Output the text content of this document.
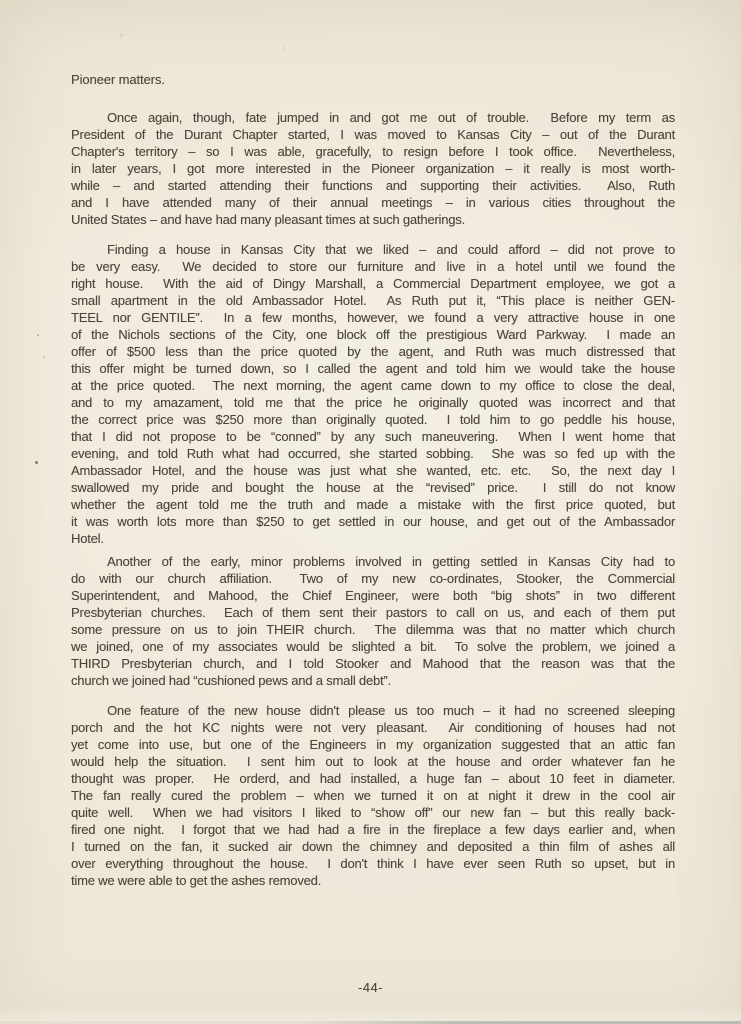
Pioneer matters.
Once again, though, fate jumped in and got me out of trouble.  Before my term as
President of the Durant Chapter started, I was moved to Kansas City – out of the Durant
Chapter's territory – so I was able, gracefully, to resign before I took office.  Nevertheless,
in later years, I got more interested in the Pioneer organization – it really is most worth-
while – and started attending their functions and supporting their activities.  Also, Ruth
and I have attended many of their annual meetings – in various cities throughout the
United States – and have had many pleasant times at such gatherings.
Finding a house in Kansas City that we liked – and could afford – did not prove to
be very easy.  We decided to store our furniture and live in a hotel until we found the
right house.  With the aid of Dingy Marshall, a Commercial Department employee, we got a
small apartment in the old Ambassador Hotel.  As Ruth put it, “This place is neither GEN-
TEEL nor GENTILE”.  In a few months, however, we found a very attractive house in one
of the Nichols sections of the City, one block off the prestigious Ward Parkway.  I made an
offer of $500 less than the price quoted by the agent, and Ruth was much distressed that
this offer might be turned down, so I called the agent and told him we would take the house
at the price quoted.  The next morning, the agent came down to my office to close the deal,
and to my amazament, told me that the price he originally quoted was incorrect and that
the correct price was $250 more than originally quoted.  I told him to go peddle his house,
that I did not propose to be “conned” by any such maneuvering.  When I went home that
evening, and told Ruth what had occurred, she started sobbing.  She was so fed up with the
Ambassador Hotel, and the house was just what she wanted, etc. etc.  So, the next day I
swallowed my pride and bought the house at the “revised” price.  I still do not know
whether the agent told me the truth and made a mistake with the first price quoted, but
it was worth lots more than $250 to get settled in our house, and get out of the Ambassador
Hotel.
Another of the early, minor problems involved in getting settled in Kansas City had to
do with our church affiliation.  Two of my new co-ordinates, Stooker, the Commercial
Superintendent, and Mahood, the Chief Engineer, were both “big shots” in two different
Presbyterian churches.  Each of them sent their pastors to call on us, and each of them put
some pressure on us to join THEIR church.  The dilemma was that no matter which church
we joined, one of my associates would be slighted a bit.  To solve the problem, we joined a
THIRD Presbyterian church, and I told Stooker and Mahood that the reason was that the
church we joined had “cushioned pews and a small debt”.
One feature of the new house didn't please us too much – it had no screened sleeping
porch and the hot KC nights were not very pleasant.  Air conditioning of houses had not
yet come into use, but one of the Engineers in my organization suggested that an attic fan
would help the situation.  I sent him out to look at the house and order whatever fan he
thought was proper.  He orderd, and had installed, a huge fan – about 10 feet in diameter.
The fan really cured the problem – when we turned it on at night it drew in the cool air
quite well.  When we had visitors I liked to “show off” our new fan – but this really back-
fired one night.  I forgot that we had had a fire in the fireplace a few days earlier and, when
I turned on the fan, it sucked air down the chimney and deposited a thin film of ashes all
over everything throughout the house.  I don't think I have ever seen Ruth so upset, but in
time we were able to get the ashes removed.
-44-
